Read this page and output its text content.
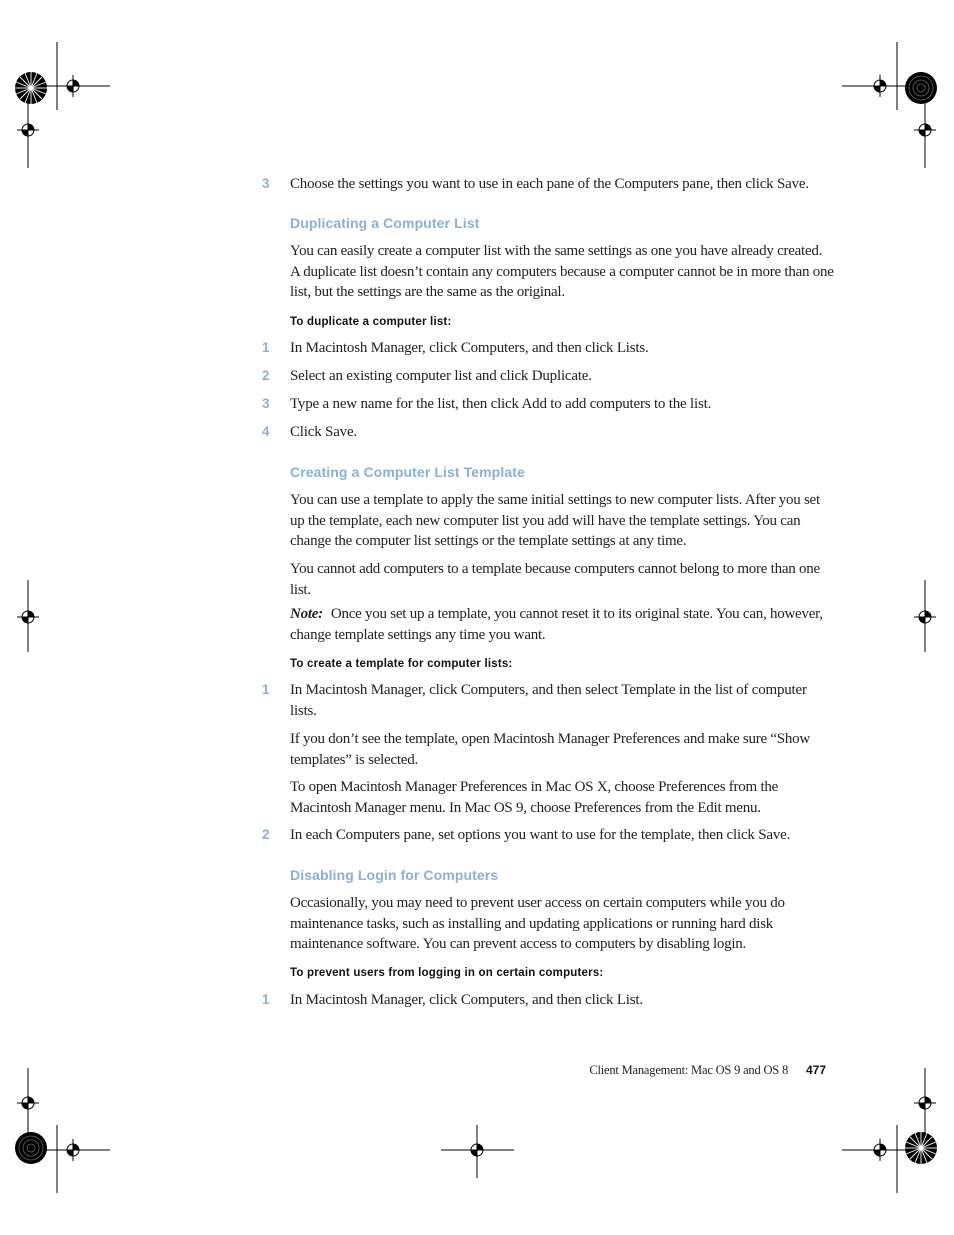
3	Choose the settings you want to use in each pane of the Computers pane, then click Save.
Duplicating a Computer List
You can easily create a computer list with the same settings as one you have already created. A duplicate list doesn’t contain any computers because a computer cannot be in more than one list, but the settings are the same as the original.
To duplicate a computer list:
1	In Macintosh Manager, click Computers, and then click Lists.
2	Select an existing computer list and click Duplicate.
3	Type a new name for the list, then click Add to add computers to the list.
4	Click Save.
Creating a Computer List Template
You can use a template to apply the same initial settings to new computer lists. After you set up the template, each new computer list you add will have the template settings. You can change the computer list settings or the template settings at any time.
You cannot add computers to a template because computers cannot belong to more than one list.
Note: Once you set up a template, you cannot reset it to its original state. You can, however, change template settings any time you want.
To create a template for computer lists:
1	In Macintosh Manager, click Computers, and then select Template in the list of computer lists.
If you don’t see the template, open Macintosh Manager Preferences and make sure “Show templates” is selected.
To open Macintosh Manager Preferences in Mac OS X, choose Preferences from the Macintosh Manager menu. In Mac OS 9, choose Preferences from the Edit menu.
2	In each Computers pane, set options you want to use for the template, then click Save.
Disabling Login for Computers
Occasionally, you may need to prevent user access on certain computers while you do maintenance tasks, such as installing and updating applications or running hard disk maintenance software. You can prevent access to computers by disabling login.
To prevent users from logging in on certain computers:
1	In Macintosh Manager, click Computers, and then click List.
Client Management: Mac OS 9 and OS 8 477
